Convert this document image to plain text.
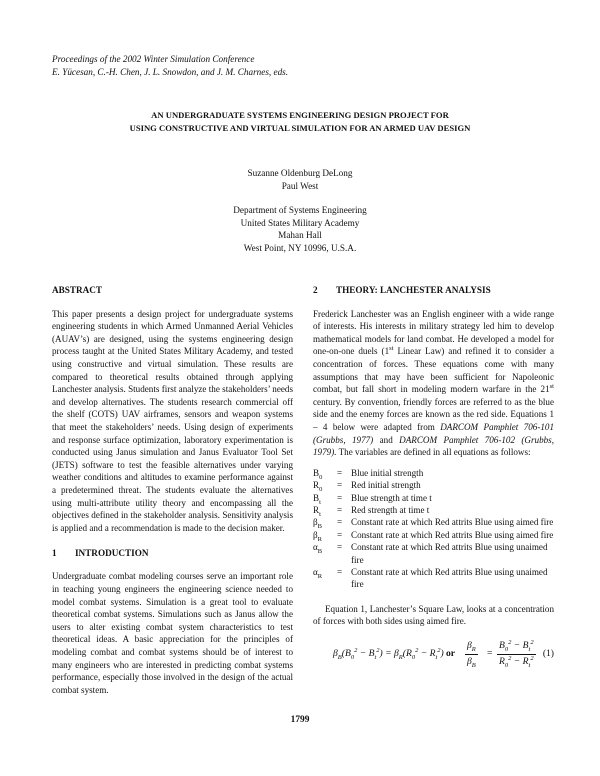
Proceedings of the 2002 Winter Simulation Conference
E. Yücesan, C.-H. Chen, J. L. Snowdon, and J. M. Charnes, eds.
AN UNDERGRADUATE SYSTEMS ENGINEERING DESIGN PROJECT FOR
USING CONSTRUCTIVE AND VIRTUAL SIMULATION FOR AN ARMED UAV DESIGN
Suzanne Oldenburg DeLong
Paul West
Department of Systems Engineering
United States Military Academy
Mahan Hall
West Point, NY 10996, U.S.A.
ABSTRACT

This paper presents a design project for undergraduate systems engineering students in which Armed Unmanned Aerial Vehicles (AUAV’s) are designed, using the systems engineering design process taught at the United States Military Academy, and tested using constructive and virtual simulation. These results are compared to theoretical results obtained through applying Lanchester analysis. Students first analyze the stakeholders’ needs and develop alternatives. The students research commercial off the shelf (COTS) UAV airframes, sensors and weapon systems that meet the stakeholders’ needs. Using design of experiments and response surface optimization, laboratory experimentation is conducted using Janus simulation and Janus Evaluator Tool Set (JETS) software to test the feasible alternatives under varying weather conditions and altitudes to examine performance against a predetermined threat. The students evaluate the alternatives using multi-attribute utility theory and encompassing all the objectives defined in the stakeholder analysis. Sensitivity analysis is applied and a recommendation is made to the decision maker.

1  INTRODUCTION

Undergraduate combat modeling courses serve an important role in teaching young engineers the engineering science needed to model combat systems. Simulation is a great tool to evaluate theoretical combat systems. Simulations such as Janus allow the users to alter existing combat system characteristics to test theoretical ideas. A basic appreciation for the principles of modeling combat and combat systems should be of interest to many engineers who are interested in predicting combat systems performance, especially those involved in the design of the actual combat system.

2  THEORY: LANCHESTER ANALYSIS

Frederick Lanchester was an English engineer with a wide range of interests. His interests in military strategy led him to develop mathematical models for land combat. He developed a model for one-on-one duels (1st Linear Law) and refined it to consider a concentration of forces. These equations come with many assumptions that may have been sufficient for Napoleonic combat, but fall short in modeling modern warfare in the 21st century. By convention, friendly forces are referred to as the blue side and the enemy forces are known as the red side. Equations 1 – 4 below were adapted from DARCOM Pamphlet 706-101 (Grubbs, 1977) and DARCOM Pamphlet 706-102 (Grubbs, 1979). The variables are defined in all equations as follows:

$B_0$	=	Blue initial strength
$R_0$	=	Red initial strength
$B_t$	=	Blue strength at time t
$R_t$	=	Red strength at time t
$\beta_B$	=	Constant rate at which Red attrits Blue using aimed fire
$\beta_R$	=	Constant rate at which Red attrits Blue using aimed fire
$\alpha_B$	=	Constant rate at which Red attrits Blue using unaimed fire
$\alpha_R$	=	Constant rate at which Red attrits Blue using unaimed fire

Equation 1, Lanchester’s Square Law, looks at a concentration of forces with both sides using aimed fire.

$\beta_B(B_0^2 - B_t^2) = \beta_R(R_0^2 - R_t^2)$ or
$\beta_R$
$\beta_B$
= $\frac{B_0^2 - B_t^2}{R_0^2 - R_t^2} (1)$
1799
